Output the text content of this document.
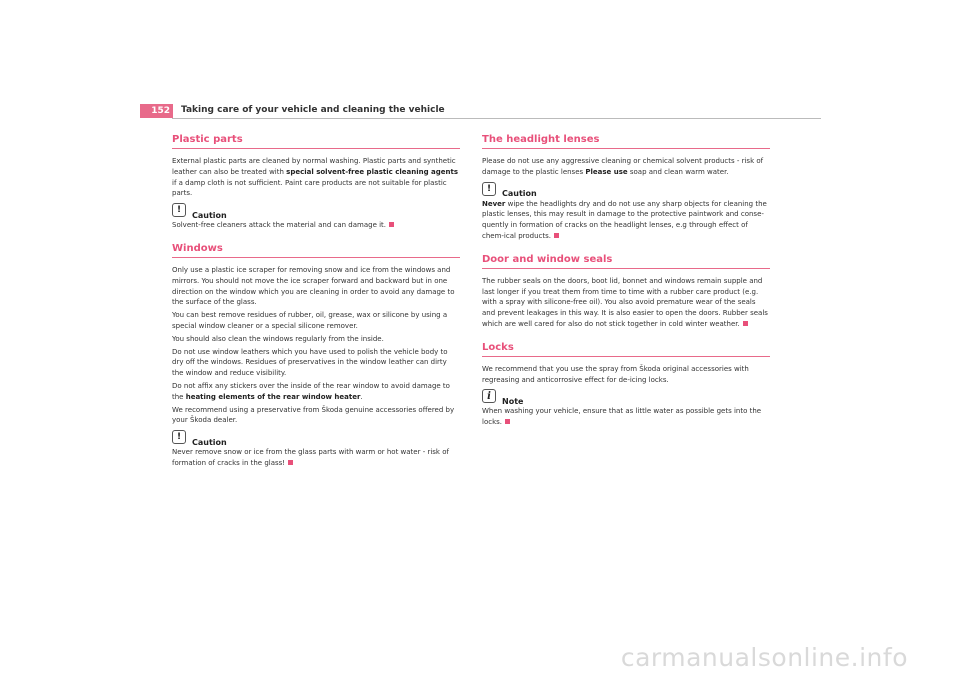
152	Taking care of your vehicle and cleaning the vehicle
Plastic parts

External plastic parts are cleaned by normal washing. Plastic parts and synthetic leather can also be treated with special solvent-free plastic cleaning agents if a damp cloth is not sufficient. Paint care products are not suitable for plastic parts.

!	Caution

Solvent-free cleaners attack the material and can damage it.

Windows

Only use a plastic ice scraper for removing snow and ice from the windows and mirrors. You should not move the ice scraper forward and backward but in one direction on the window which you are cleaning in order to avoid any damage to the surface of the glass.

You can best remove residues of rubber, oil, grease, wax or silicone by using a special window cleaner or a special silicone remover.

You should also clean the windows regularly from the inside.

Do not use window leathers which you have used to polish the vehicle body to dry off the windows. Residues of preservatives in the window leather can dirty the window and reduce visibility.

Do not affix any stickers over the inside of the rear window to avoid damage to the heating elements of the rear window heater.

We recommend using a preservative from Škoda genuine accessories offered by your Škoda dealer.

!	Caution

Never remove snow or ice from the glass parts with warm or hot water - risk of formation of cracks in the glass!

The headlight lenses

Please do not use any aggressive cleaning or chemical solvent products - risk of damage to the plastic lenses Please use soap and clean warm water.

!	Caution

Never wipe the headlights dry and do not use any sharp objects for cleaning the plastic lenses, this may result in damage to the protective paintwork and conse-quently in formation of cracks on the headlight lenses, e.g through effect of chem-ical products.

Door and window seals

The rubber seals on the doors, boot lid, bonnet and windows remain supple and last longer if you treat them from time to time with a rubber care product (e.g. with a spray with silicone-free oil). You also avoid premature wear of the seals and prevent leakages in this way. It is also easier to open the doors. Rubber seals which are well cared for also do not stick together in cold winter weather.

Locks

We recommend that you use the spray from Škoda original accessories with regreasing and anticorrosive effect for de-icing locks.

i	Note

When washing your vehicle, ensure that as little water as possible gets into the locks.

carmanualsonline.info
